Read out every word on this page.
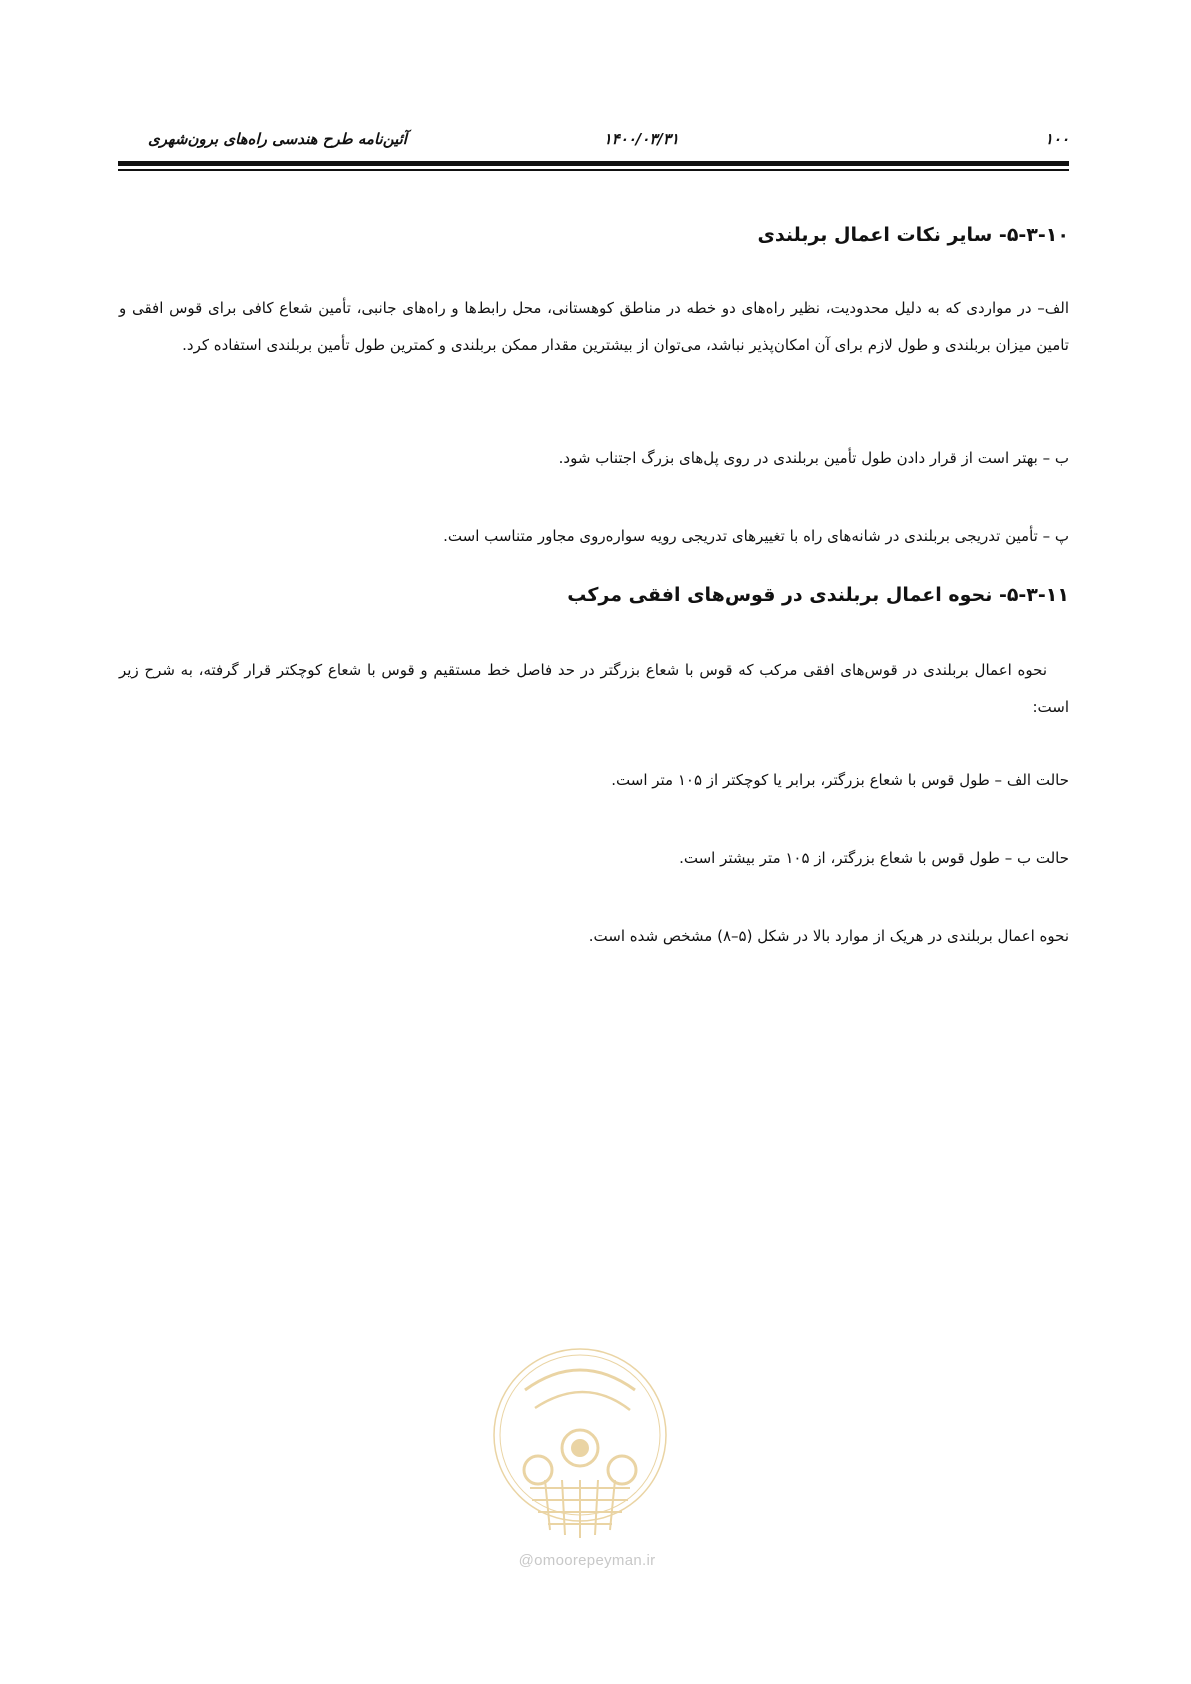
۱۰۰
۱۴۰۰/۰۳/۳۱
آئین‌نامه طرح هندسی راه‌های برون‌شهری
۵-۳-۱۰- سایر نکات اعمال بربلندی

الف– در مواردی که به دلیل محدودیت، نظیر راه‌های دو خطه در مناطق کوهستانی، محل رابط‌ها و راه‌های جانبی، تأمین شعاع کافی برای قوس افقی و تامین میزان بربلندی و طول لازم برای آن امکان‌پذیر نباشد، می‌توان از بیشترین مقدار ممکن بربلندی و کمترین طول تأمین بربلندی استفاده کرد.

ب – بهتر است از قرار دادن طول تأمین بربلندی در روی پل‌های بزرگ اجتناب شود.

پ – تأمین تدریجی بربلندی در شانه‌های راه با تغییرهای تدریجی رویه سواره‌روی مجاور متناسب است.

۵-۳-۱۱- نحوه اعمال بربلندی در قوس‌های افقی مرکب

نحوه اعمال بربلندی در قوس‌های افقی مرکب که قوس با شعاع بزرگتر در حد فاصل خط مستقیم و قوس با شعاع کوچکتر قرار گرفته، به شرح زیر است:

حالت الف – طول قوس با شعاع بزرگتر، برابر یا کوچکتر از ۱۰۵ متر است.

حالت ب – طول قوس با شعاع بزرگتر، از ۱۰۵ متر بیشتر است.

نحوه اعمال بربلندی در هریک از موارد بالا در شکل (۵–۸) مشخص شده است.

@omoorepeyman.ir
